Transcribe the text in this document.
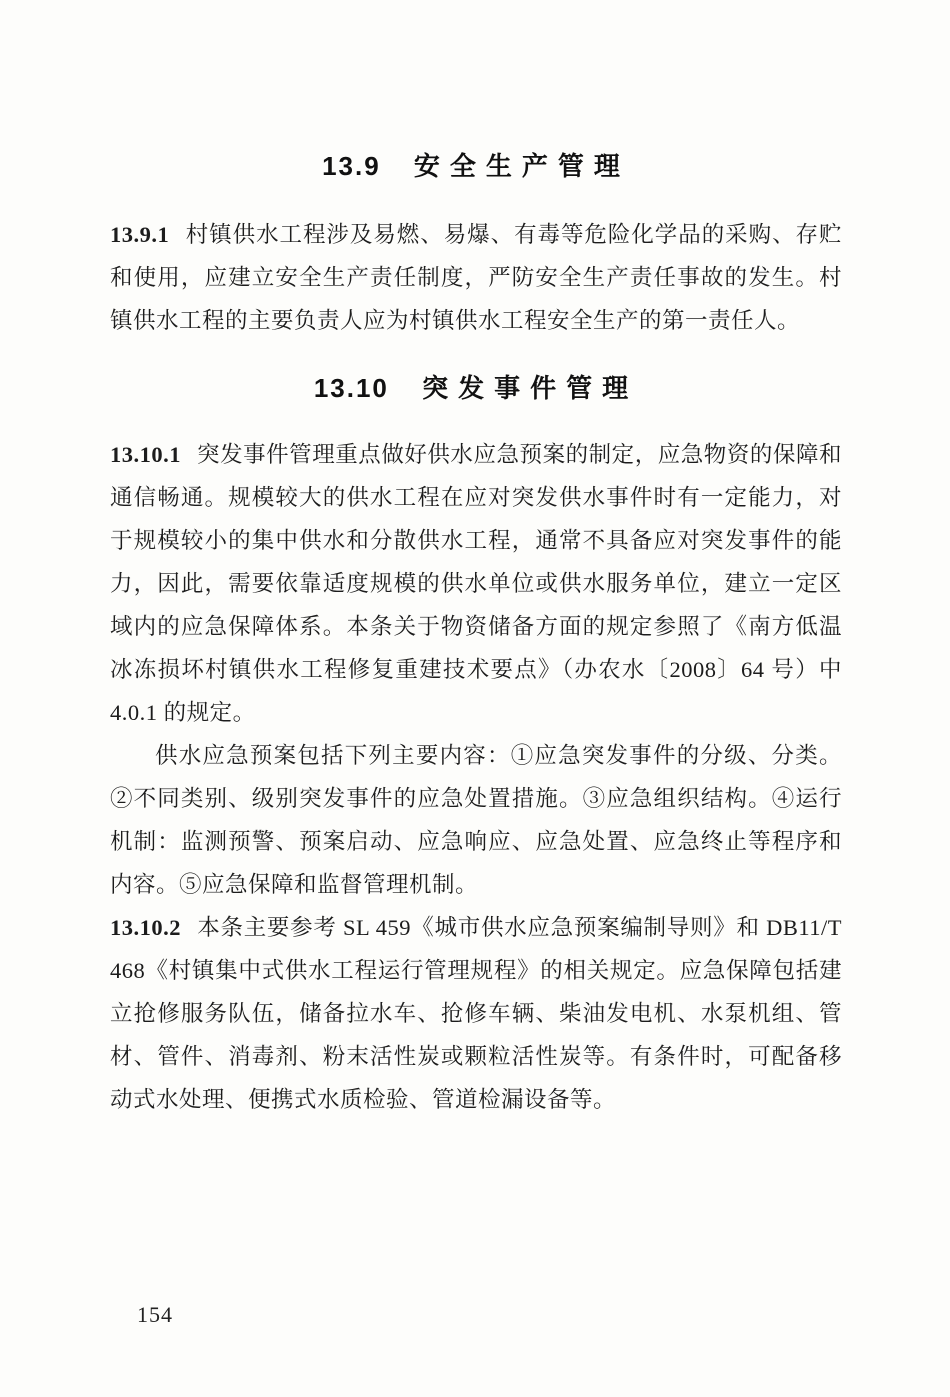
13.9 安全生产管理

13.9.1 村镇供水工程涉及易燃、易爆、有毒等危险化学品的采购、存贮和使用，应建立安全生产责任制度，严防安全生产责任事故的发生。村镇供水工程的主要负责人应为村镇供水工程安全生产的第一责任人。

13.10 突发事件管理

13.10.1 突发事件管理重点做好供水应急预案的制定，应急物资的保障和通信畅通。规模较大的供水工程在应对突发供水事件时有一定能力，对于规模较小的集中供水和分散供水工程，通常不具备应对突发事件的能力，因此，需要依靠适度规模的供水单位或供水服务单位，建立一定区域内的应急保障体系。本条关于物资储备方面的规定参照了《南方低温冰冻损坏村镇供水工程修复重建技术要点》（办农水〔2008〕64 号）中 4.0.1 的规定。

供水应急预案包括下列主要内容：①应急突发事件的分级、分类。②不同类别、级别突发事件的应急处置措施。③应急组织结构。④运行机制：监测预警、预案启动、应急响应、应急处置、应急终止等程序和内容。⑤应急保障和监督管理机制。

13.10.2 本条主要参考 SL 459《城市供水应急预案编制导则》和 DB11/T 468《村镇集中式供水工程运行管理规程》的相关规定。应急保障包括建立抢修服务队伍，储备拉水车、抢修车辆、柴油发电机、水泵机组、管材、管件、消毒剂、粉末活性炭或颗粒活性炭等。有条件时，可配备移动式水处理、便携式水质检验、管道检漏设备等。

154
